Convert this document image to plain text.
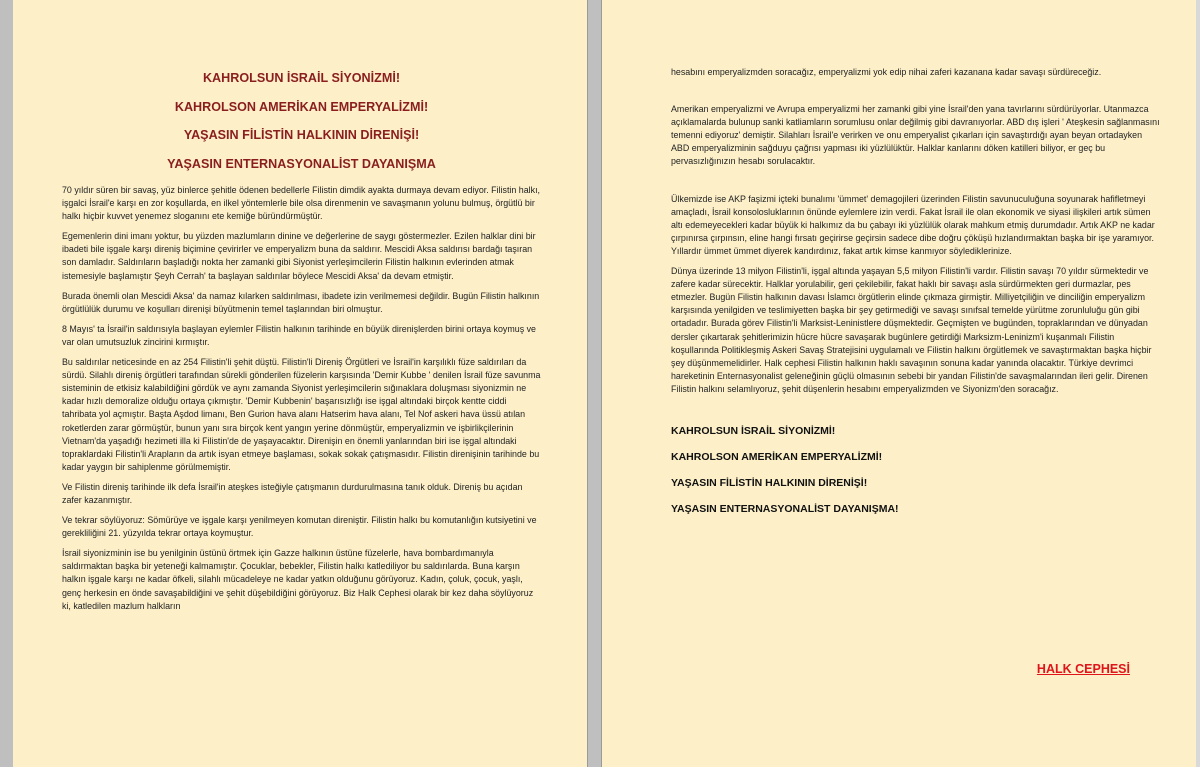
KAHROLSUN İSRAİL SİYONİZMİ!
KAHROLSON AMERİKAN EMPERYALİZMİ!
YAŞASIN FİLİSTİN HALKININ DİRENİŞİ!
YAŞASIN ENTERNASYONALİST DAYANIŞMA

70 yıldır süren bir savaş, yüz binlerce şehitle ödenen bedellerle Filistin dimdik ayakta durmaya devam ediyor. Filistin halkı, işgalci İsrail'e karşı en zor koşullarda, en ilkel yöntemlerle bile olsa direnmenin ve savaşmanın yolunu bulmuş, örgütlü bir halkı hiçbir kuvvet yenemez sloganını ete kemiğe büründürmüştür.

Egemenlerin dini imanı yoktur, bu yüzden mazlumların dinine ve değerlerine de saygı göstermezler. Ezilen halklar dini bir ibadeti bile işgale karşı direniş biçimine çevirirler ve emperyalizm buna da saldırır. Mescidi Aksa saldırısı bardağı taşıran son damladır. Saldırıların başladığı nokta her zamanki gibi Siyonist yerleşimcilerin Filistin halkının evlerinden atmak istemesiyle başlamıştır Şeyh Cerrah' ta başlayan saldırılar böylece Mescidi Aksa' da devam etmiştir.

Burada önemli olan Mescidi Aksa' da namaz kılarken saldırılması, ibadete izin verilmemesi değildir. Bugün Filistin halkının örgütlülük durumu ve koşulları direnişi büyütmenin temel taşlarından biri olmuştur.

8 Mayıs' ta İsrail'in saldırısıyla başlayan eylemler Filistin halkının tarihinde en büyük direnişlerden birini ortaya koymuş ve var olan umutsuzluk zincirini kırmıştır.

Bu saldırılar neticesinde en az 254 Filistin'li şehit düştü. Filistin'li Direniş Örgütleri ve İsrail'in karşılıklı füze saldırıları da sürdü. Silahlı direniş örgütleri tarafından sürekli gönderilen füzelerin karşısında 'Demir Kubbe ' denilen İsrail füze savunma sisteminin de etkisiz kalabildiğini gördük ve aynı zamanda Siyonist yerleşimcilerin sığınaklara doluşması siyonizmin ne kadar hızlı demoralize olduğu ortaya çıkmıştır. 'Demir Kubbenin' başarısızlığı ise işgal altındaki birçok kentte ciddi tahribata yol açmıştır. Başta Aşdod limanı, Ben Gurion hava alanı Hatserim hava alanı, Tel Nof askeri hava üssü atılan roketlerden zarar görmüştür, bunun yanı sıra birçok kent yangın yerine dönmüştür, emperyalizmin ve işbirlikçilerinin Vietnam'da yaşadığı hezimeti illa ki Filistin'de de yaşayacaktır. Direnişin en önemli yanlarından biri ise işgal altındaki topraklardaki Filistin'li Arapların da artık isyan etmeye başlaması, sokak sokak çatışmasıdır. Filistin direnişinin tarihinde bu kadar yaygın bir sahiplenme görülmemiştir.

Ve Filistin direniş tarihinde ilk defa İsrail'in ateşkes isteğiyle çatışmanın durdurulmasına tanık olduk. Direniş bu açıdan zafer kazanmıştır.

Ve tekrar söylüyoruz: Sömürüye ve işgale karşı yenilmeyen komutan direniştir. Filistin halkı bu komutanlığın kutsiyetini ve gerekliliğini 21. yüzyılda tekrar ortaya koymuştur.

İsrail siyonizminin ise bu yenilginin üstünü örtmek için Gazze halkının üstüne füzelerle, hava bombardımanıyla saldırmaktan başka bir yeteneği kalmamıştır. Çocuklar, bebekler, Filistin halkı katlediliyor bu saldırılarda. Buna karşın halkın işgale karşı ne kadar öfkeli, silahlı mücadeleye ne kadar yatkın olduğunu görüyoruz. Kadın, çoluk, çocuk, yaşlı, genç herkesin en önde savaşabildiğini ve şehit düşebildiğini görüyoruz. Biz Halk Cephesi olarak bir kez daha söylüyoruz ki, katledilen mazlum halkların

hesabını emperyalizmden soracağız, emperyalizmi yok edip nihai zaferi kazanana kadar savaşı sürdüreceğiz.

Amerikan emperyalizmi ve Avrupa emperyalizmi her zamanki gibi yine İsrail'den yana tavırlarını sürdürüyorlar. Utanmazca açıklamalarda bulunup sanki katliamların sorumlusu onlar değilmiş gibi davranıyorlar. ABD dış işleri ' Ateşkesin sağlanmasını temenni ediyoruz' demiştir. Silahları İsrail'e verirken ve onu emperyalist çıkarları için savaştırdığı ayan beyan ortadayken ABD emperyalizminin sağduyu çağrısı yapması iki yüzlülüktür. Halklar kanlarını döken katilleri biliyor, er geç bu pervasızlığınızın hesabı sorulacaktır.

Ülkemizde ise AKP faşizmi içteki bunalımı 'ümmet' demagojileri üzerinden Filistin savunuculuğuna soyunarak hafifletmeyi amaçladı, İsrail konsolosluklarının önünde eylemlere izin verdi. Fakat İsrail ile olan ekonomik ve siyasi ilişkileri artık sümen altı edemeyecekleri kadar büyük ki halkımız da bu çabayı iki yüzlülük olarak mahkum etmiş durumdadır. Artık AKP ne kadar çırpınırsa çırpınsın, eline hangi fırsatı geçirirse geçirsin sadece dibe doğru çöküşü hızlandırmaktan başka bir işe yaramıyor. Yıllardır ümmet ümmet diyerek kandırdınız, fakat artık kimse kanmıyor söylediklerinize.

Dünya üzerinde 13 milyon Filistin'li, işgal altında yaşayan 5,5 milyon Filistin'li vardır. Filistin savaşı 70 yıldır sürmektedir ve zafere kadar sürecektir. Halklar yorulabilir, geri çekilebilir, fakat haklı bir savaşı asla sürdürmekten geri durmazlar, pes etmezler. Bugün Filistin halkının davası İslamcı örgütlerin elinde çıkmaza girmiştir. Milliyetçiliğin ve dinciliğin emperyalizm karşısında yenilgiden ve teslimiyetten başka bir şey getirmediği ve savaşı sınıfsal temelde yürütme zorunluluğu gün gibi ortadadır. Burada görev Filistin'li Marksist-Leninistlere düşmektedir. Geçmişten ve bugünden, topraklarından ve dünyadan dersler çıkartarak şehitlerimizin hücre hücre savaşarak bugünlere getirdiği Marksizm-Leninizm'i kuşanmalı Filistin koşullarında Politikleşmiş Askeri Savaş Stratejisini uygulamalı ve Filistin halkını örgütlemek ve savaştırmaktan başka hiçbir şey düşünmemelidirler. Halk cephesi Filistin halkının haklı savaşının sonuna kadar yanında olacaktır. Türkiye devrimci hareketinin Enternasyonalist geleneğinin güçlü olmasının sebebi bir yandan Filistin'de savaşmalarından ileri gelir. Direnen Filistin halkını selamlıyoruz, şehit düşenlerin hesabını emperyalizmden ve Siyonizm'den soracağız.

KAHROLSUN İSRAİL SİYONİZMİ!

KAHROLSON AMERİKAN EMPERYALİZMİ!

YAŞASIN FİLİSTİN HALKININ DİRENİŞİ!

YAŞASIN ENTERNASYONALİST DAYANIŞMA!

HALK CEPHESİ
